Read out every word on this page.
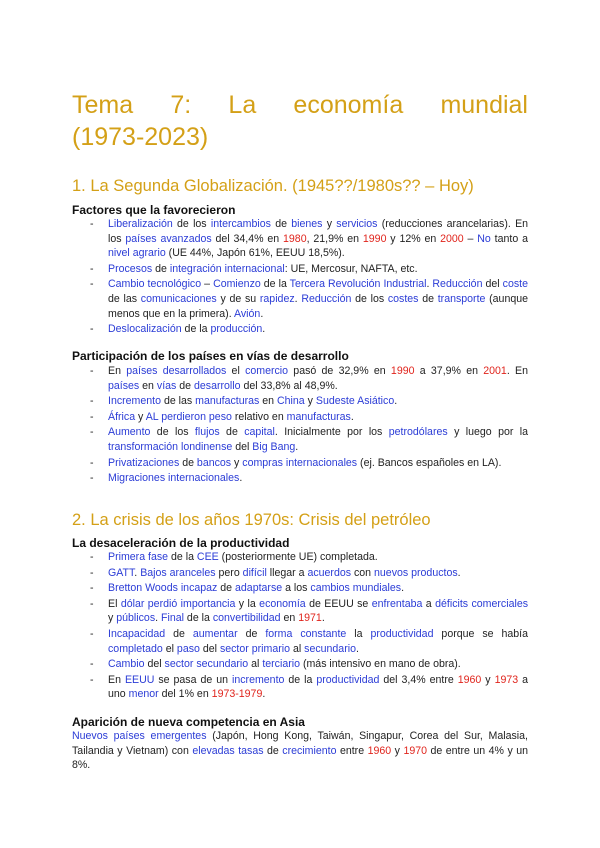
Tema 7: La economía mundial
(1973-2023)
1. La Segunda Globalización. (1945??/1980s?? – Hoy)
Factores que la favorecieron
- Liberalización de los intercambios de bienes y servicios (reducciones arancelarias). En los países avanzados del 34,4% en 1980, 21,9% en 1990 y 12% en 2000 – No tanto a nivel agrario (UE 44%, Japón 61%, EEUU 18,5%).
- Procesos de integración internacional: UE, Mercosur, NAFTA, etc.
- Cambio tecnológico – Comienzo de la Tercera Revolución Industrial. Reducción del coste de las comunicaciones y de su rapidez. Reducción de los costes de transporte (aunque menos que en la primera). Avión.
- Deslocalización de la producción.
Participación de los países en vías de desarrollo
- En países desarrollados el comercio pasó de 32,9% en 1990 a 37,9% en 2001. En países en vías de desarrollo del 33,8% al 48,9%.
- Incremento de las manufacturas en China y Sudeste Asiático.
- África y AL perdieron peso relativo en manufacturas.
- Aumento de los flujos de capital. Inicialmente por los petrodólares y luego por la transformación londinense del Big Bang.
- Privatizaciones de bancos y compras internacionales (ej. Bancos españoles en LA).
- Migraciones internacionales.
2. La crisis de los años 1970s: Crisis del petróleo
La desaceleración de la productividad
- Primera fase de la CEE (posteriormente UE) completada.
- GATT. Bajos aranceles pero difícil llegar a acuerdos con nuevos productos.
- Bretton Woods incapaz de adaptarse a los cambios mundiales.
- El dólar perdió importancia y la economía de EEUU se enfrentaba a déficits comerciales y públicos. Final de la convertibilidad en 1971.
- Incapacidad de aumentar de forma constante la productividad porque se había completado el paso del sector primario al secundario.
- Cambio del sector secundario al terciario (más intensivo en mano de obra).
- En EEUU se pasa de un incremento de la productividad del 3,4% entre 1960 y 1973 a uno menor del 1% en 1973-1979.
Aparición de nueva competencia en Asia

Nuevos países emergentes (Japón, Hong Kong, Taiwán, Singapur, Corea del Sur, Malasia, Tailandia y Vietnam) con elevadas tasas de crecimiento entre 1960 y 1970 de entre un 4% y un 8%.
